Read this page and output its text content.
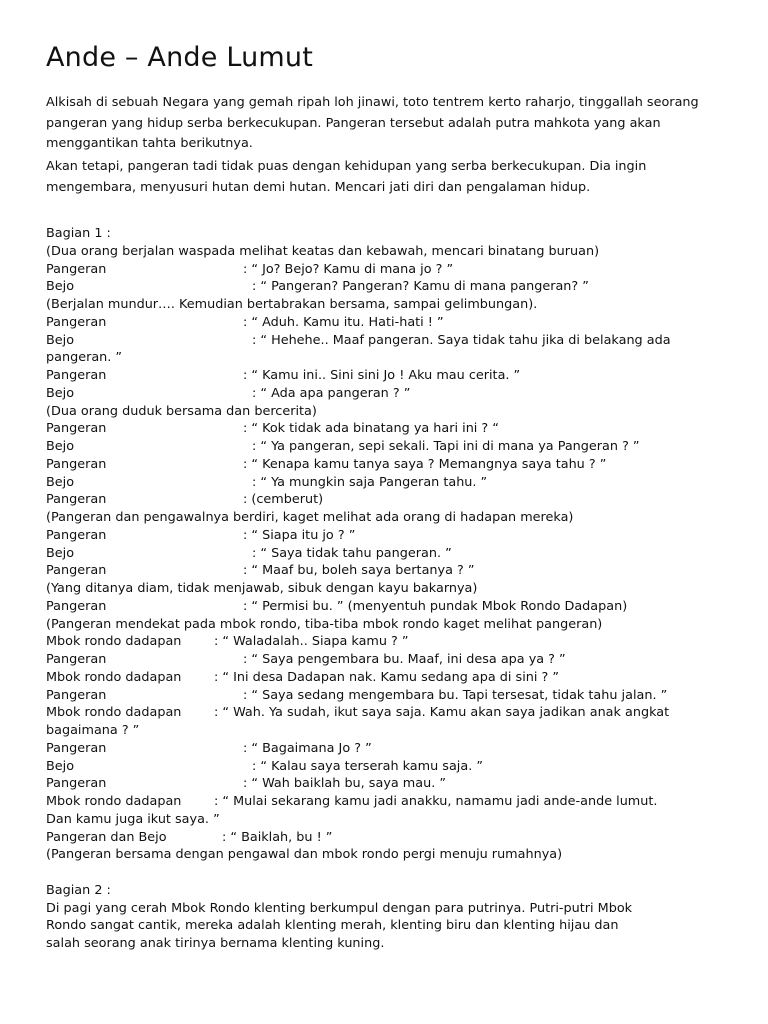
Ande – Ande Lumut

Alkisah di sebuah Negara yang gemah ripah loh jinawi, toto tentrem kerto raharjo, tinggallah seorang pangeran yang hidup serba berkecukupan. Pangeran tersebut adalah putra mahkota yang akan menggantikan tahta berikutnya.

Akan tetapi, pangeran tadi tidak puas dengan kehidupan yang serba berkecukupan. Dia ingin mengembara, menyusuri hutan demi hutan. Mencari jati diri dan pengalaman hidup.

Bagian 1 :
(Dua orang berjalan waspada melihat keatas dan kebawah, mencari binatang buruan)
Pangeran	: “ Jo? Bejo? Kamu di mana jo ? ”
Bejo	: “ Pangeran? Pangeran? Kamu di mana pangeran? ”
(Berjalan mundur…. Kemudian bertabrakan bersama, sampai gelimbungan).
Pangeran	: “ Aduh. Kamu itu. Hati-hati ! ”
Bejo	: “ Hehehe.. Maaf pangeran. Saya tidak tahu jika di belakang ada
pangeran. ”
Pangeran	: “ Kamu ini.. Sini sini Jo ! Aku mau cerita. ”
Bejo	: “ Ada apa pangeran ? ”
(Dua orang duduk bersama dan bercerita)
Pangeran	: “ Kok tidak ada binatang ya hari ini ? “
Bejo	: “ Ya pangeran, sepi sekali. Tapi ini di mana ya Pangeran ? ”
Pangeran	: “ Kenapa kamu tanya saya ? Memangnya saya tahu ? ”
Bejo	: “ Ya mungkin saja Pangeran tahu. ”
Pangeran	: (cemberut)
(Pangeran dan pengawalnya berdiri, kaget melihat ada orang di hadapan mereka)
Pangeran	: “ Siapa itu jo ? ”
Bejo	: “ Saya tidak tahu pangeran. ”
Pangeran	: “ Maaf bu, boleh saya bertanya ? ”
(Yang ditanya diam, tidak menjawab, sibuk dengan kayu bakarnya)
Pangeran	: “ Permisi bu. ” (menyentuh pundak Mbok Rondo Dadapan)
(Pangeran mendekat pada mbok rondo, tiba-tiba mbok rondo kaget melihat pangeran)
Mbok rondo dadapan	: “ Waladalah.. Siapa kamu ? ”
Pangeran	: “ Saya pengembara bu. Maaf, ini desa apa ya ? ”
Mbok rondo dadapan	: “ Ini desa Dadapan nak. Kamu sedang apa di sini ? ”
Pangeran	: “ Saya sedang mengembara bu. Tapi tersesat, tidak tahu jalan. ”
Mbok rondo dadapan	: “ Wah. Ya sudah, ikut saya saja. Kamu akan saya jadikan anak angkat
bagaimana ? ”
Pangeran	: “ Bagaimana Jo ? ”
Bejo	: “ Kalau saya terserah kamu saja. ”
Pangeran	: “ Wah baiklah bu, saya mau. ”
Mbok rondo dadapan	: “ Mulai sekarang kamu jadi anakku, namamu jadi ande-ande lumut.
Dan kamu juga ikut saya. ”
Pangeran dan Bejo	: “ Baiklah, bu ! ”
(Pangeran bersama dengan pengawal dan mbok rondo pergi menuju rumahnya)
Bagian 2 :
Di pagi yang cerah Mbok Rondo klenting berkumpul dengan para putrinya. Putri-putri Mbok
Rondo sangat cantik, mereka adalah klenting merah, klenting biru dan klenting hijau dan
salah seorang anak tirinya bernama klenting kuning.
